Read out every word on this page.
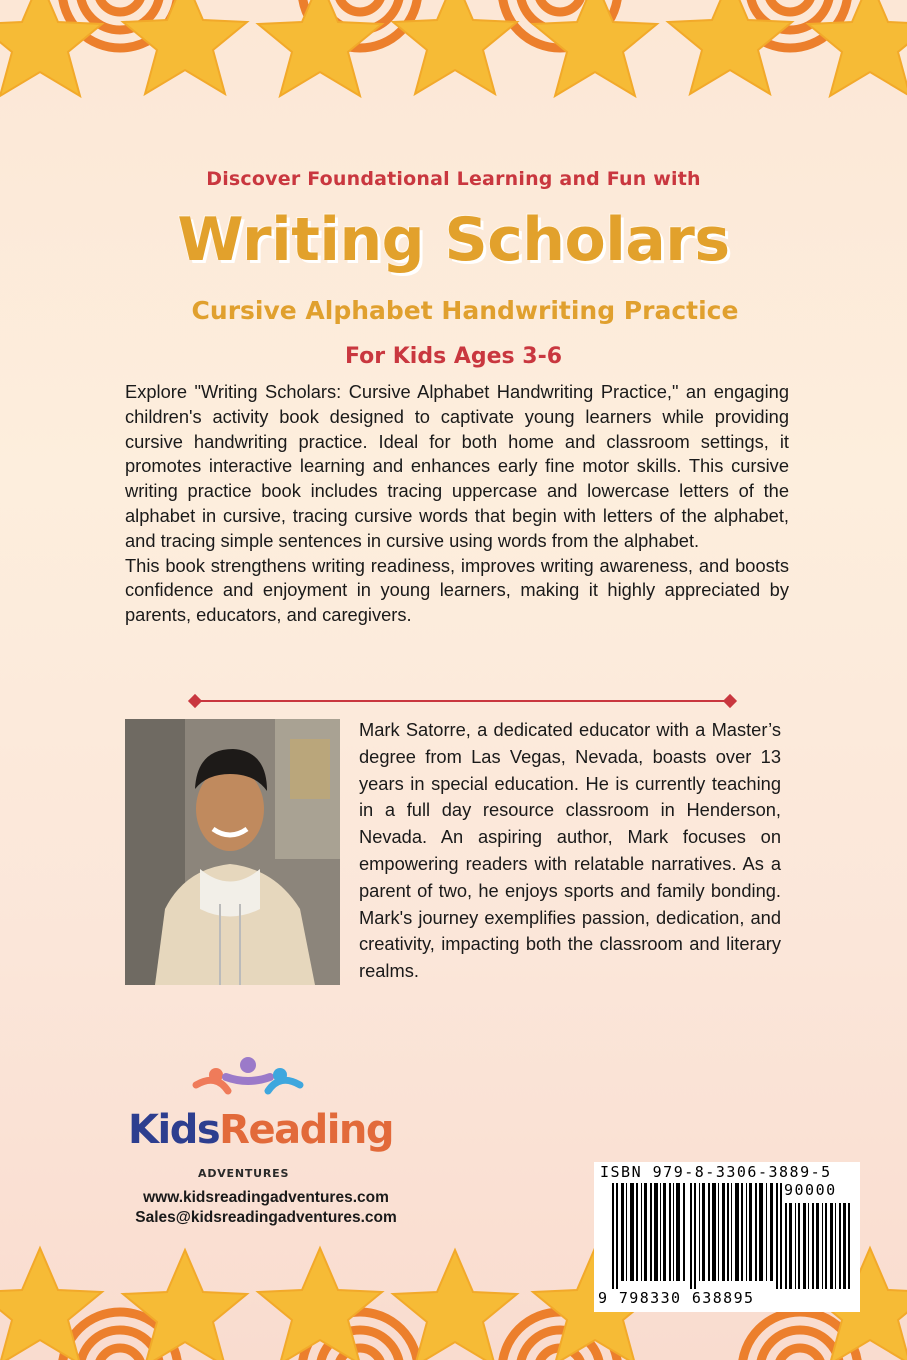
Discover Foundational Learning and Fun with
Writing Scholars
Cursive Alphabet Handwriting Practice
For Kids Ages 3-6

Explore "Writing Scholars: Cursive Alphabet Handwriting Practice," an engaging children's activity book designed to captivate young learners while providing cursive handwriting practice. Ideal for both home and classroom settings, it promotes interactive learning and enhances early fine motor skills. This cursive writing practice book includes tracing uppercase and lowercase letters of the alphabet in cursive, tracing cursive words that begin with letters of the alphabet, and tracing simple sentences in cursive using words from the alphabet.

This book strengthens writing readiness, improves writing awareness, and boosts confidence and enjoyment in young learners, making it highly appreciated by parents, educators, and caregivers.

Mark Satorre, a dedicated educator with a Master’s degree from Las Vegas, Nevada, boasts over 13 years in special education. He is currently teaching in a full day resource classroom in Henderson, Nevada. An aspiring author, Mark focuses on empowering readers with relatable narratives. As a parent of two, he enjoys sports and family bonding. Mark's journey exemplifies passion, dedication, and creativity, impacting both the classroom and literary realms.
KidsReading
ADVENTURES
www.kidsreadingadventures.com
Sales@kidsreadingadventures.com
ISBN 979-8-3306-3889-5
90000
9 798330 638895
